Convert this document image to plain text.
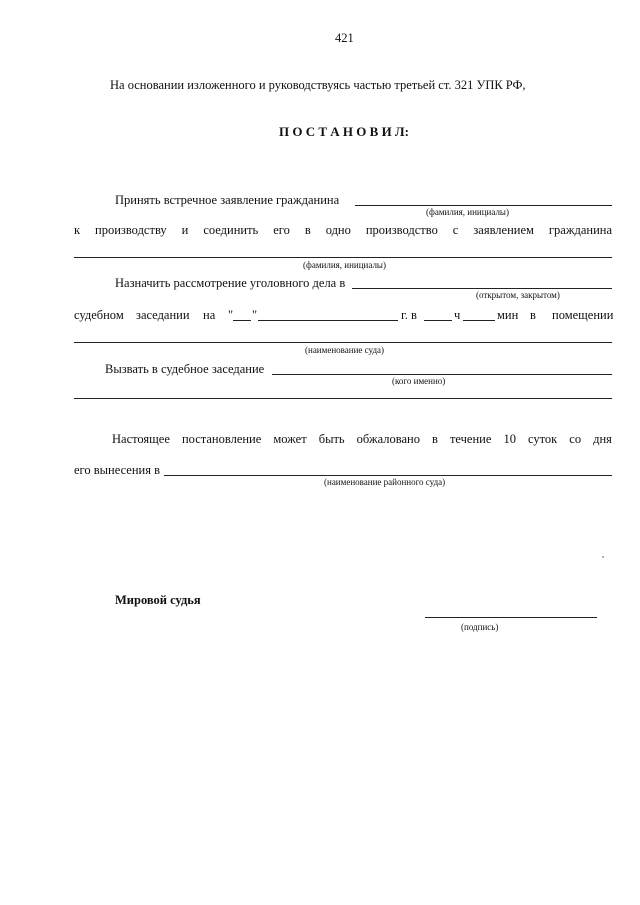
421
На основании изложенного и руководствуясь частью третьей ст. 321 УПК РФ,
П О С Т А Н О В И Л:
Принять встречное заявление гражданина
(фамилия, инициалы)
к производству и соединить его в одно производство с заявлением гражданина
(фамилия, инициалы)
Назначить рассмотрение уголовного дела в
(открытом, закрытом)
судебном заседании на " "	г. в	ч	мин в помещении
(наименование суда)
Вызвать в судебное заседание
(кого именно)
Настоящее постановление может быть обжаловано в течение 10 суток со дня
его вынесения в
(наименование районного суда)
Мировой судья
(подпись)
